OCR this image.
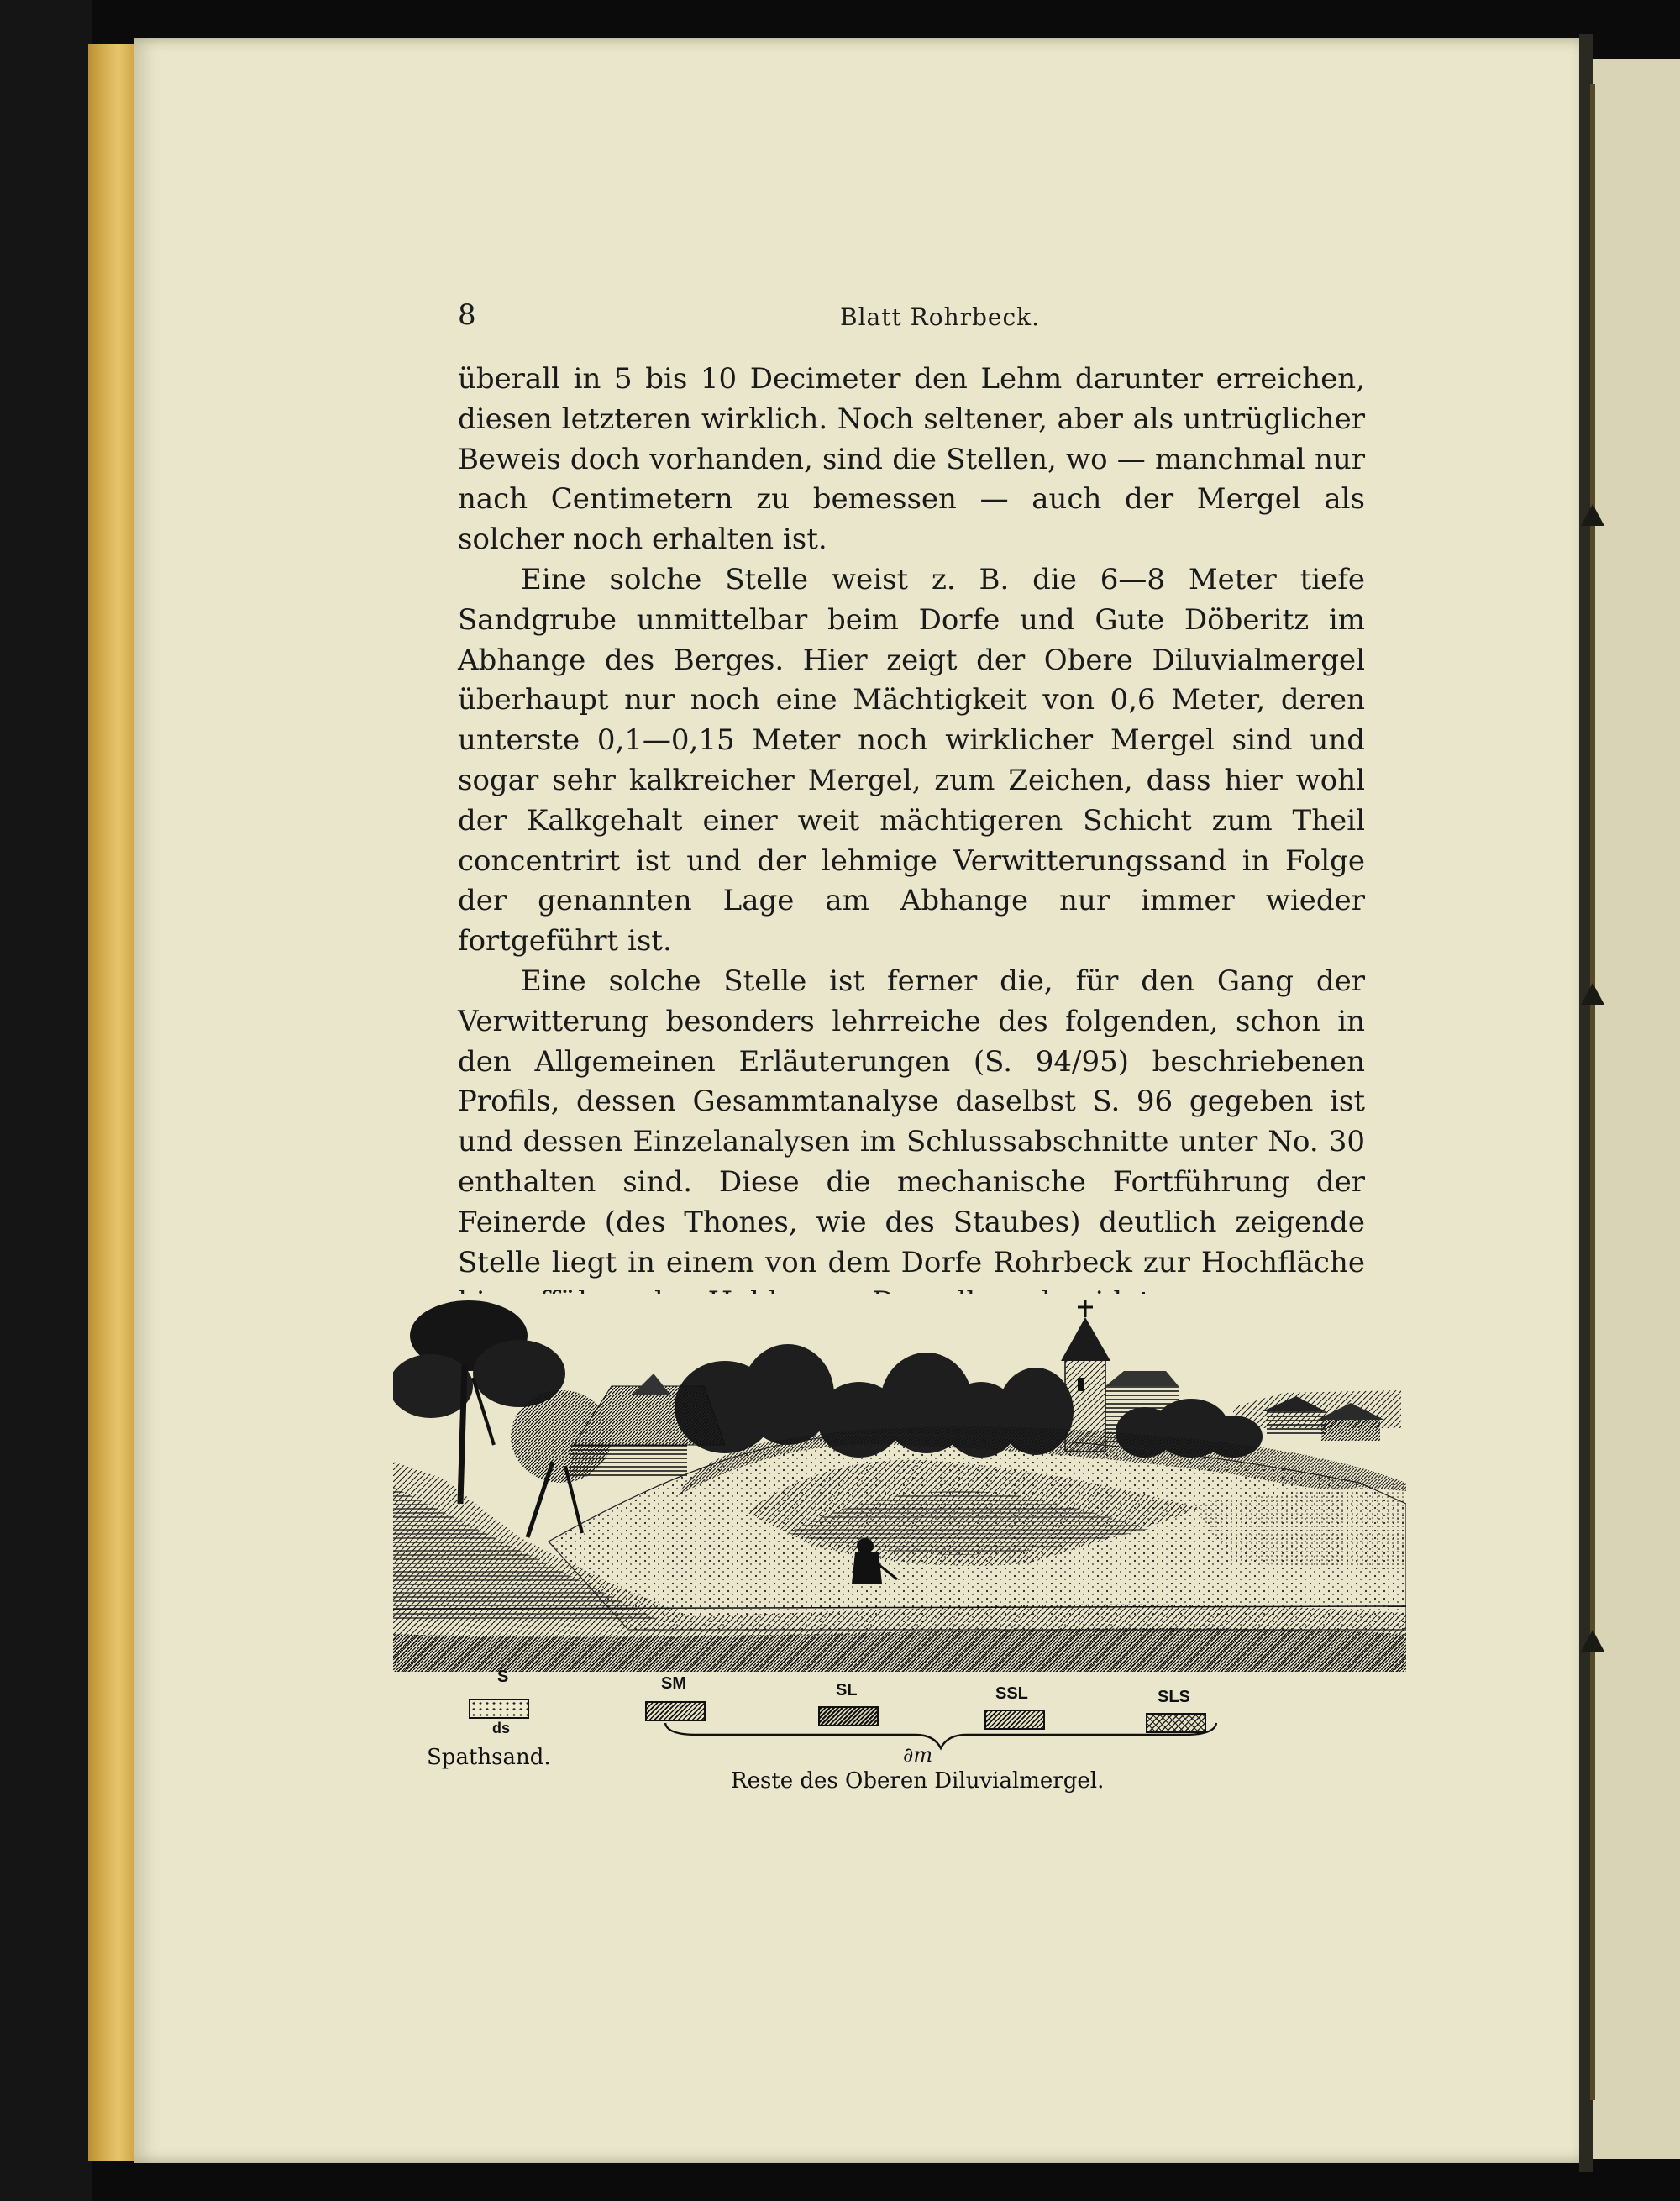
8	Blatt Rohrbeck.

überall in 5 bis 10 Decimeter den Lehm darunter erreichen, diesen letzteren wirklich. Noch seltener, aber als untrüglicher Beweis doch vorhanden, sind die Stellen, wo — manchmal nur nach Centimetern zu bemessen — auch der Mergel als solcher noch erhalten ist.

Eine solche Stelle weist z. B. die 6—8 Meter tiefe Sandgrube unmittelbar beim Dorfe und Gute Döberitz im Abhange des Berges. Hier zeigt der Obere Diluvialmergel überhaupt nur noch eine Mächtigkeit von 0,6 Meter, deren unterste 0,1—0,15 Meter noch wirklicher Mergel sind und sogar sehr kalkreicher Mergel, zum Zeichen, dass hier wohl der Kalkgehalt einer weit mächtigeren Schicht zum Theil concentrirt ist und der lehmige Verwitterungssand in Folge der genannten Lage am Abhange nur immer wieder fortgeführt ist.

Eine solche Stelle ist ferner die, für den Gang der Verwitterung besonders lehrreiche des folgenden, schon in den Allgemeinen Erläuterungen (S. 94/95) beschriebenen Profils, dessen Gesammtanalyse daselbst S. 96 gegeben ist und dessen Einzelanalysen im Schlussabschnitte unter No. 30 enthalten sind. Diese die mechanische Fortführung der Feinerde (des Thones, wie des Staubes) deutlich zeigende Stelle liegt in einem von dem Dorfe Rohrbeck zur Hochfläche

S
ds
Spathsand.
SM	SL	SSL	SLS
∂m
Reste des Oberen Diluvialmergel.
